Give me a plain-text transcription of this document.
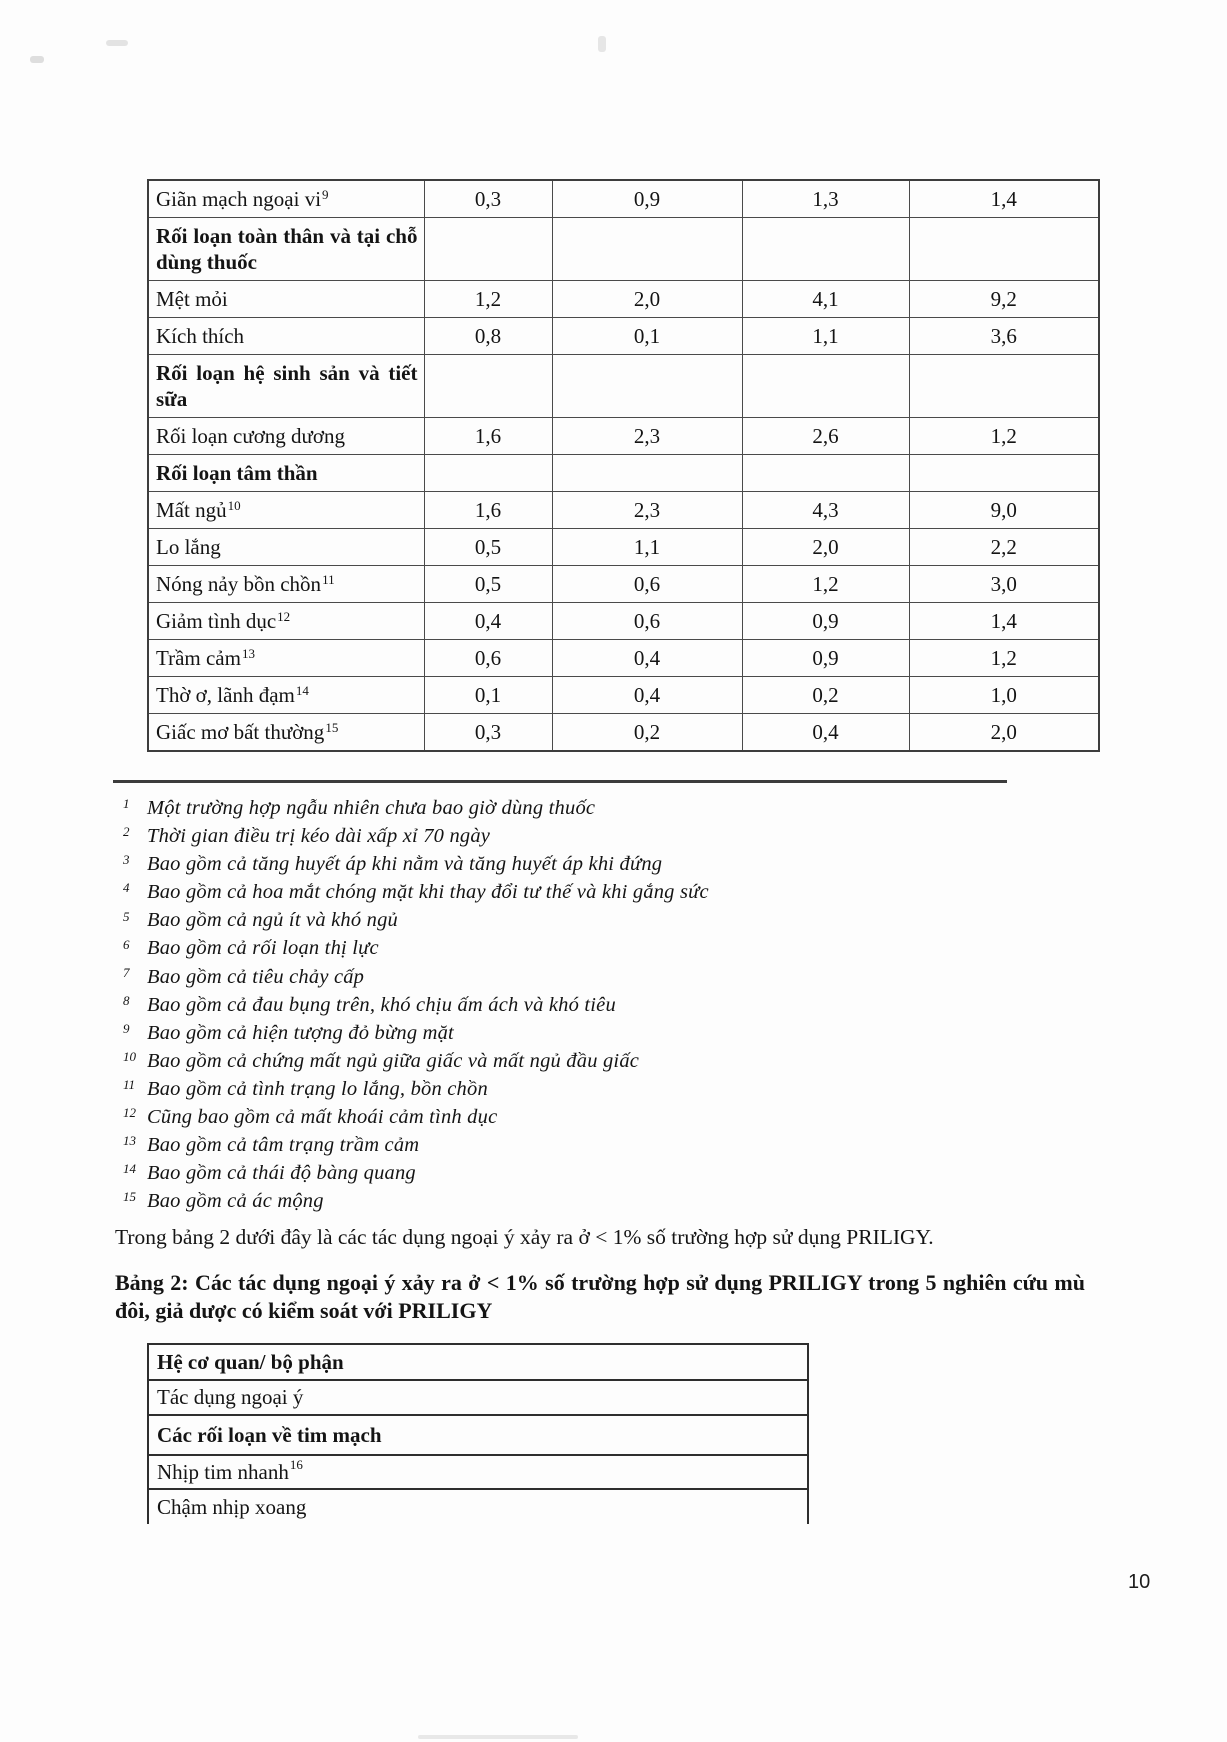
Giãn mạch ngoại $vi^9$	0,3	0,9	1,3	1,4
Rối loạn toàn thân và tại chỗ dùng thuốc				
Mệt mỏi	1,2	2,0	4,1	9,2
Kích thích	0,8	0,1	1,1	3,6
Rối loạn hệ sinh sản và tiết sữa				
Rối loạn cương dương	1,6	2,3	2,6	1,2
Rối loạn tâm thần				
Mất ngủ$^{10}$	1,6	2,3	4,3	9,0
Lo lắng	0,5	1,1	2,0	2,2
Nóng nảy bồn chồn$^{11}$	0,5	0,6	1,2	3,0
Giảm tình dục$^{12}$	0,4	0,6	0,9	1,4
Trầm cảm$^{13}$	0,6	0,4	0,9	1,2
Thờ ơ, lãnh đạm$^{14}$	0,1	0,4	0,2	1,0
Giấc mơ bất thường$^{15}$	0,3	0,2	0,4	2,0
$^1$ Một trường hợp ngẫu nhiên chưa bao giờ dùng thuốc
$^2$ Thời gian điều trị kéo dài xấp xỉ 70 ngày
$^3$ Bao gồm cả tăng huyết áp khi nằm và tăng huyết áp khi đứng
$^4$ Bao gồm cả hoa mắt chóng mặt khi thay đổi tư thế và khi gắng sức
$^5$ Bao gồm cả ngủ ít và khó ngủ
$^6$ Bao gồm cả rối loạn thị lực
$^7$ Bao gồm cả tiêu chảy cấp
$^8$ Bao gồm cả đau bụng trên, khó chịu ấm ách và khó tiêu
$^9$ Bao gồm cả hiện tượng đỏ bừng mặt
$^{10}$ Bao gồm cả chứng mất ngủ giữa giấc và mất ngủ đầu giấc
$^{11}$ Bao gồm cả tình trạng lo lắng, bồn chồn
$^{12}$ Cũng bao gồm cả mất khoái cảm tình dục
$^{13}$ Bao gồm cả tâm trạng trầm cảm
$^{14}$ Bao gồm cả thái độ bàng quang
$^{15}$ Bao gồm cả ác mộng

Trong bảng 2 dưới đây là các tác dụng ngoại ý xảy ra ở < 1% số trường hợp sử dụng PRILIGY.

Bảng 2: Các tác dụng ngoại ý xảy ra ở < 1% số trường hợp sử dụng PRILIGY trong 5 nghiên cứu mù đôi, giả dược có kiểm soát với PRILIGY

Hệ cơ quan/ bộ phận
Tác dụng ngoại ý
Các rối loạn về tim mạch
Nhịp tim nhanh$^{16}$
Chậm nhịp xoang
10
